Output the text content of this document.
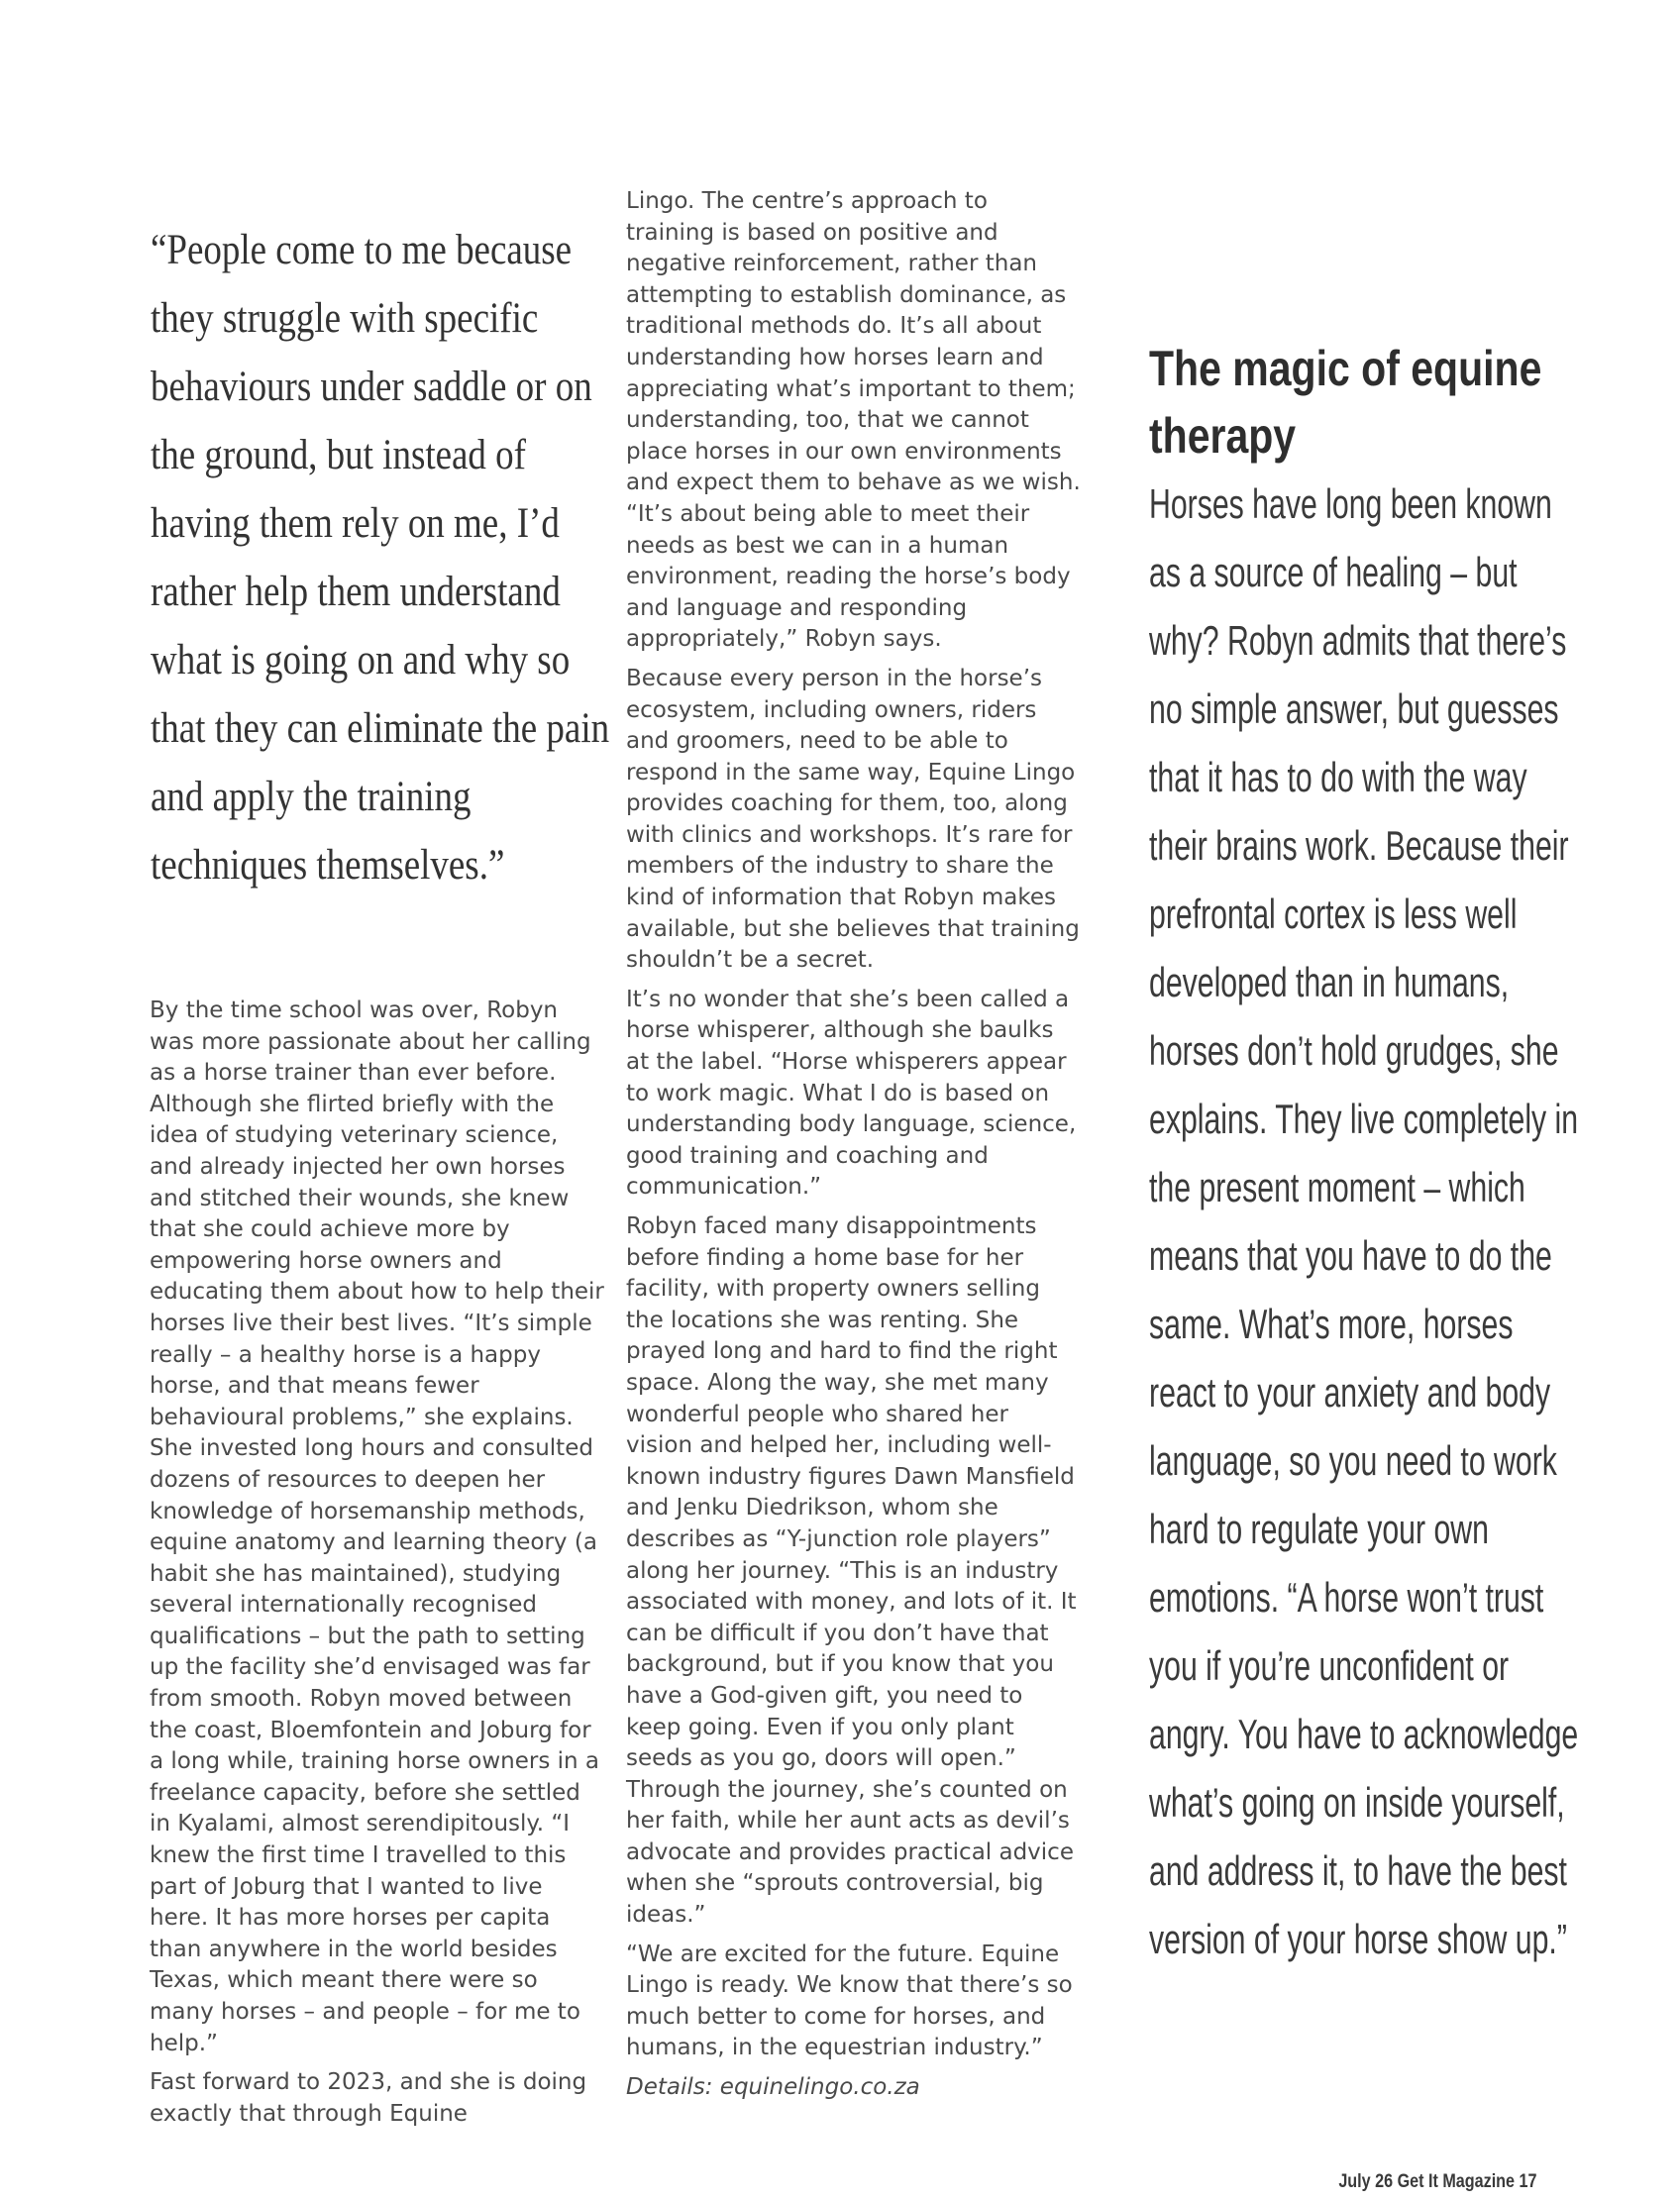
“People come to me because they struggle with specific behaviours under saddle or on the ground, but instead of having them rely on me, I’d rather help them understand what is going on and why so that they can eliminate the pain and apply the training techniques themselves.”

By the time school was over, Robyn was more passionate about her calling as a horse trainer than ever before. Although she flirted briefly with the idea of studying veterinary science, and already injected her own horses and stitched their wounds, she knew that she could achieve more by empowering horse owners and educating them about how to help their horses live their best lives. “It’s simple really – a healthy horse is a happy horse, and that means fewer behavioural problems,” she explains. She invested long hours and consulted dozens of resources to deepen her knowledge of horsemanship methods, equine anatomy and learning theory (a habit she has maintained), studying several internationally recognised qualifications – but the path to setting up the facility she’d envisaged was far from smooth. Robyn moved between the coast, Bloemfontein and Joburg for a long while, training horse owners in a freelance capacity, before she settled in Kyalami, almost serendipitously. “I knew the first time I travelled to this part of Joburg that I wanted to live here. It has more horses per capita than anywhere in the world besides Texas, which meant there were so many horses – and people – for me to help.”

Fast forward to 2023, and she is doing exactly that through Equine

Lingo. The centre’s approach to training is based on positive and negative reinforcement, rather than attempting to establish dominance, as traditional methods do. It’s all about understanding how horses learn and appreciating what’s important to them; understanding, too, that we cannot place horses in our own environments and expect them to behave as we wish. “It’s about being able to meet their needs as best we can in a human environment, reading the horse’s body and language and responding appropriately,” Robyn says.

Because every person in the horse’s ecosystem, including owners, riders and groomers, need to be able to respond in the same way, Equine Lingo provides coaching for them, too, along with clinics and workshops. It’s rare for members of the industry to share the kind of information that Robyn makes available, but she believes that training shouldn’t be a secret.

It’s no wonder that she’s been called a horse whisperer, although she baulks at the label. “Horse whisperers appear to work magic. What I do is based on understanding body language, science, good training and coaching and communication.”

Robyn faced many disappointments before finding a home base for her facility, with property owners selling the locations she was renting. She prayed long and hard to find the right space. Along the way, she met many wonderful people who shared her vision and helped her, including well-known industry figures Dawn Mansfield and Jenku Diedrikson, whom she describes as “Y-junction role players” along her journey. “This is an industry associated with money, and lots of it. It can be difficult if you don’t have that background, but if you know that you have a God-given gift, you need to keep going. Even if you only plant seeds as you go, doors will open.” Through the journey, she’s counted on her faith, while her aunt acts as devil’s advocate and provides practical advice when she “sprouts controversial, big ideas.”

“We are excited for the future. Equine Lingo is ready. We know that there’s so much better to come for horses, and humans, in the equestrian industry.”

Details: equinelingo.co.za

The magic of equine therapy

Horses have long been known as a source of healing – but why? Robyn admits that there’s no simple answer, but guesses that it has to do with the way their brains work. Because their prefrontal cortex is less well developed than in humans, horses don’t hold grudges, she explains. They live completely in the present moment – which means that you have to do the same. What’s more, horses react to your anxiety and body language, so you need to work hard to regulate your own emotions. “A horse won’t trust you if you’re unconfident or angry. You have to acknowledge what’s going on inside yourself, and address it, to have the best version of your horse show up.”

July 26 Get It Magazine 17
